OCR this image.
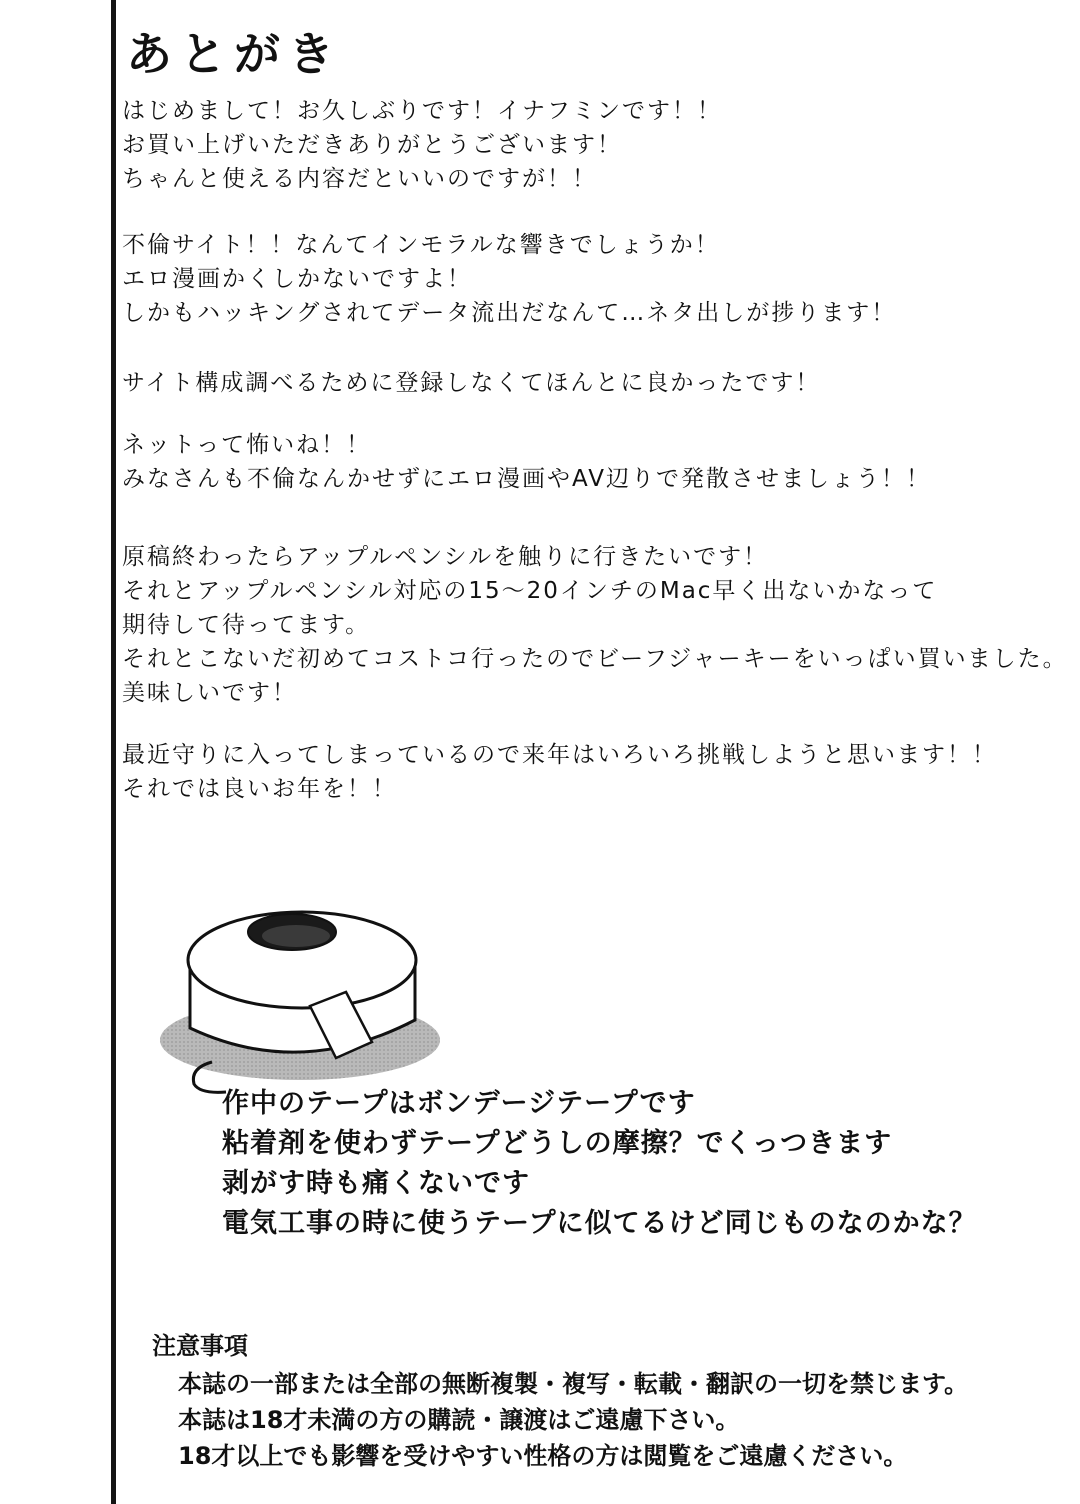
あとがき
はじめまして！お久しぶりです！イナフミンです！！
お買い上げいただきありがとうございます！
ちゃんと使える内容だといいのですが！！
不倫サイト！！なんてインモラルな響きでしょうか！
エロ漫画かくしかないですよ！
しかもハッキングされてデータ流出だなんて…ネタ出しが捗ります！
サイト構成調べるために登録しなくてほんとに良かったです！
ネットって怖いね！！
みなさんも不倫なんかせずにエロ漫画やAV辺りで発散させましょう！！
原稿終わったらアップルペンシルを触りに行きたいです！
それとアップルペンシル対応の15～20インチのMac早く出ないかなって
期待して待ってます。
それとこないだ初めてコストコ行ったのでビーフジャーキーをいっぱい買いました。
美味しいです！
最近守りに入ってしまっているので来年はいろいろ挑戦しようと思います！！
それでは良いお年を！！
作中のテープはボンデージテープです
粘着剤を使わずテープどうしの摩擦？でくっつきます
剥がす時も痛くないです
電気工事の時に使うテープに似てるけど同じものなのかな？
注意事項
本誌の一部または全部の無断複製・複写・転載・翻訳の一切を禁じます。
本誌は18才未満の方の購読・譲渡はご遠慮下さい。
18才以上でも影響を受けやすい性格の方は閲覧をご遠慮ください。
